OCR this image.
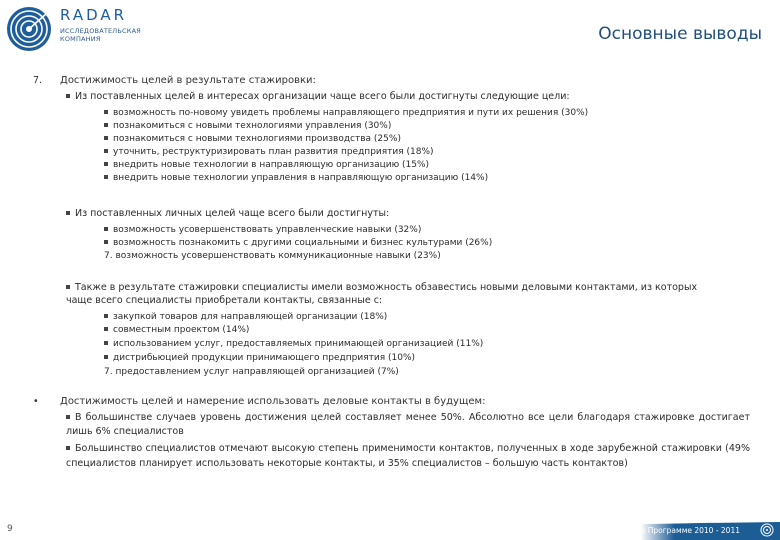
RADAR
ИССЛЕДОВАТЕЛЬСКАЯ
КОМПАНИЯ	Основные выводы
7. Достижимость целей в результате стажировки:
Из поставленных целей в интересах организации чаще всего были достигнуты следующие цели:
возможность по-новому увидеть проблемы направляющего предприятия и пути их решения (30%)
познакомиться с новыми технологиями управления (30%)
познакомиться с новыми технологиями производства (25%)
уточнить, реструктуризировать план развития предприятия (18%)
внедрить новые технологии в направляющую организацию (15%)
внедрить новые технологии управления в направляющую организацию (14%)
Из поставленных личных целей чаще всего были достигнуты:
возможность усовершенствовать управленческие навыки (32%)
возможность познакомить с другими социальными и бизнес культурами (26%)
7. возможность усовершенствовать коммуникационные навыки (23%)
Также в результате стажировки специалисты имели возможность обзавестись новыми деловыми контактами, из которых
чаще всего специалисты приобретали контакты, связанные с:
закупкой товаров для направляющей организации (18%)
совместным проектом (14%)
использованием услуг, предоставляемых принимающей организацией (11%)
дистрибьюцией продукции принимающего предприятия (10%)
7. предоставлением услуг направляющей организацией (7%)
• Достижимость целей и намерение использовать деловые контакты в будущем:
В большинстве случаев уровень достижения целей составляет менее 50%. Абсолютно все цели благодаря стажировке достигает лишь 6% специалистов
Большинство специалистов отмечают высокую степень применимости контактов, полученных в ходе зарубежной стажировки (49% специалистов планирует использовать некоторые контакты, и 35% специалистов – большую часть контактов)
9	Прошедшие стажировку по Программе 2010 - 2011
